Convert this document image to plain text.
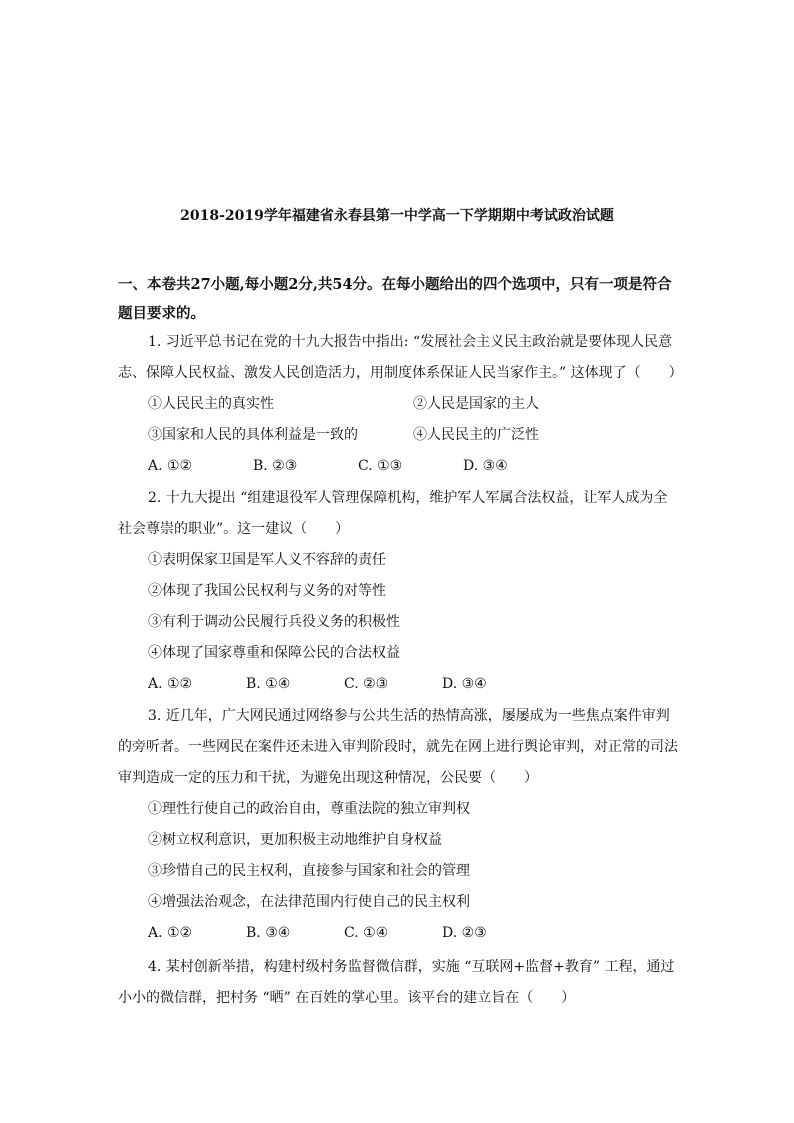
2018-2019学年福建省永春县第一中学高一下学期期中考试政治试题
一、本卷共27小题,每小题2分,共54分。在每小题给出的四个选项中，只有一项是符合题目要求的。

1. 习近平总书记在党的十九大报告中指出: “发展社会主义民主政治就是要体现人民意志、保障人民权益、激发人民创造活力，用制度体系保证人民当家作主。” 这体现了（　　）

①人民民主的真实性	②人民是国家的主人
③国家和人民的具体利益是一致的	④人民民主的广泛性
A. ①②	B. ②③	C. ①③	D. ③④

2. 十九大提出 “组建退役军人管理保障机构，维护军人军属合法权益，让军人成为全社会尊崇的职业”。这一建议（　　）

①表明保家卫国是军人义不容辞的责任

②体现了我国公民权利与义务的对等性

③有利于调动公民履行兵役义务的积极性

④体现了国家尊重和保障公民的合法权益

A. ①②	B. ①④	C. ②③	D. ③④

3. 近几年，广大网民通过网络参与公共生活的热情高涨，屡屡成为一些焦点案件审判的旁听者。一些网民在案件还未进入审判阶段时，就先在网上进行舆论审判，对正常的司法审判造成一定的压力和干扰，为避免出现这种情况，公民要（　　）

①理性行使自己的政治自由，尊重法院的独立审判权

②树立权利意识，更加积极主动地维护自身权益

③珍惜自己的民主权利，直接参与国家和社会的管理

④增强法治观念，在法律范围内行使自己的民主权利

A. ①②	B. ③④	C. ①④	D. ②③

4. 某村创新举措，构建村级村务监督微信群，实施 “互联网+监督+教育” 工程，通过小小的微信群，把村务 “晒” 在百姓的掌心里。该平台的建立旨在（　　）
